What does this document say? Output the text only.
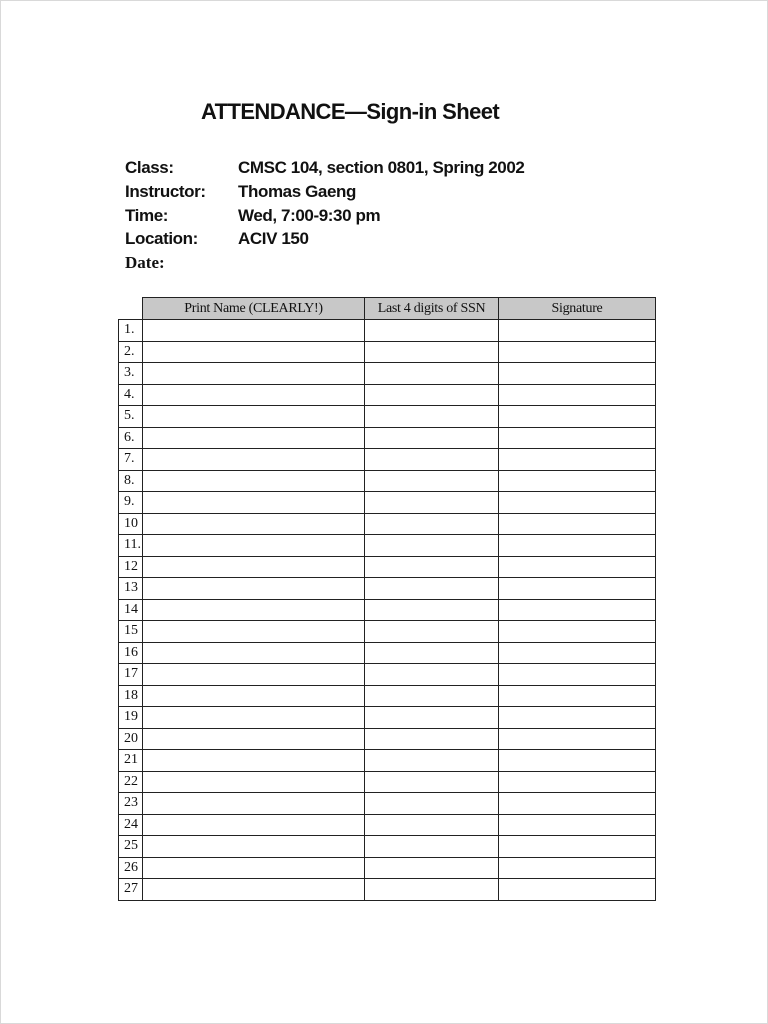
ATTENDANCE—Sign-in Sheet
Class:	CMSC 104, section 0801, Spring 2002
Instructor:	Thomas Gaeng
Time:	Wed, 7:00-9:30 pm
Location:	ACIV 150
Date:
	Print Name (CLEARLY!)	Last 4 digits of SSN	Signature
1.			
2.			
3.			
4.			
5.			
6.			
7.			
8.			
9.			
10			
11.			
12			
13			
14			
15			
16			
17			
18			
19			
20			
21			
22			
23			
24			
25			
26			
27			
